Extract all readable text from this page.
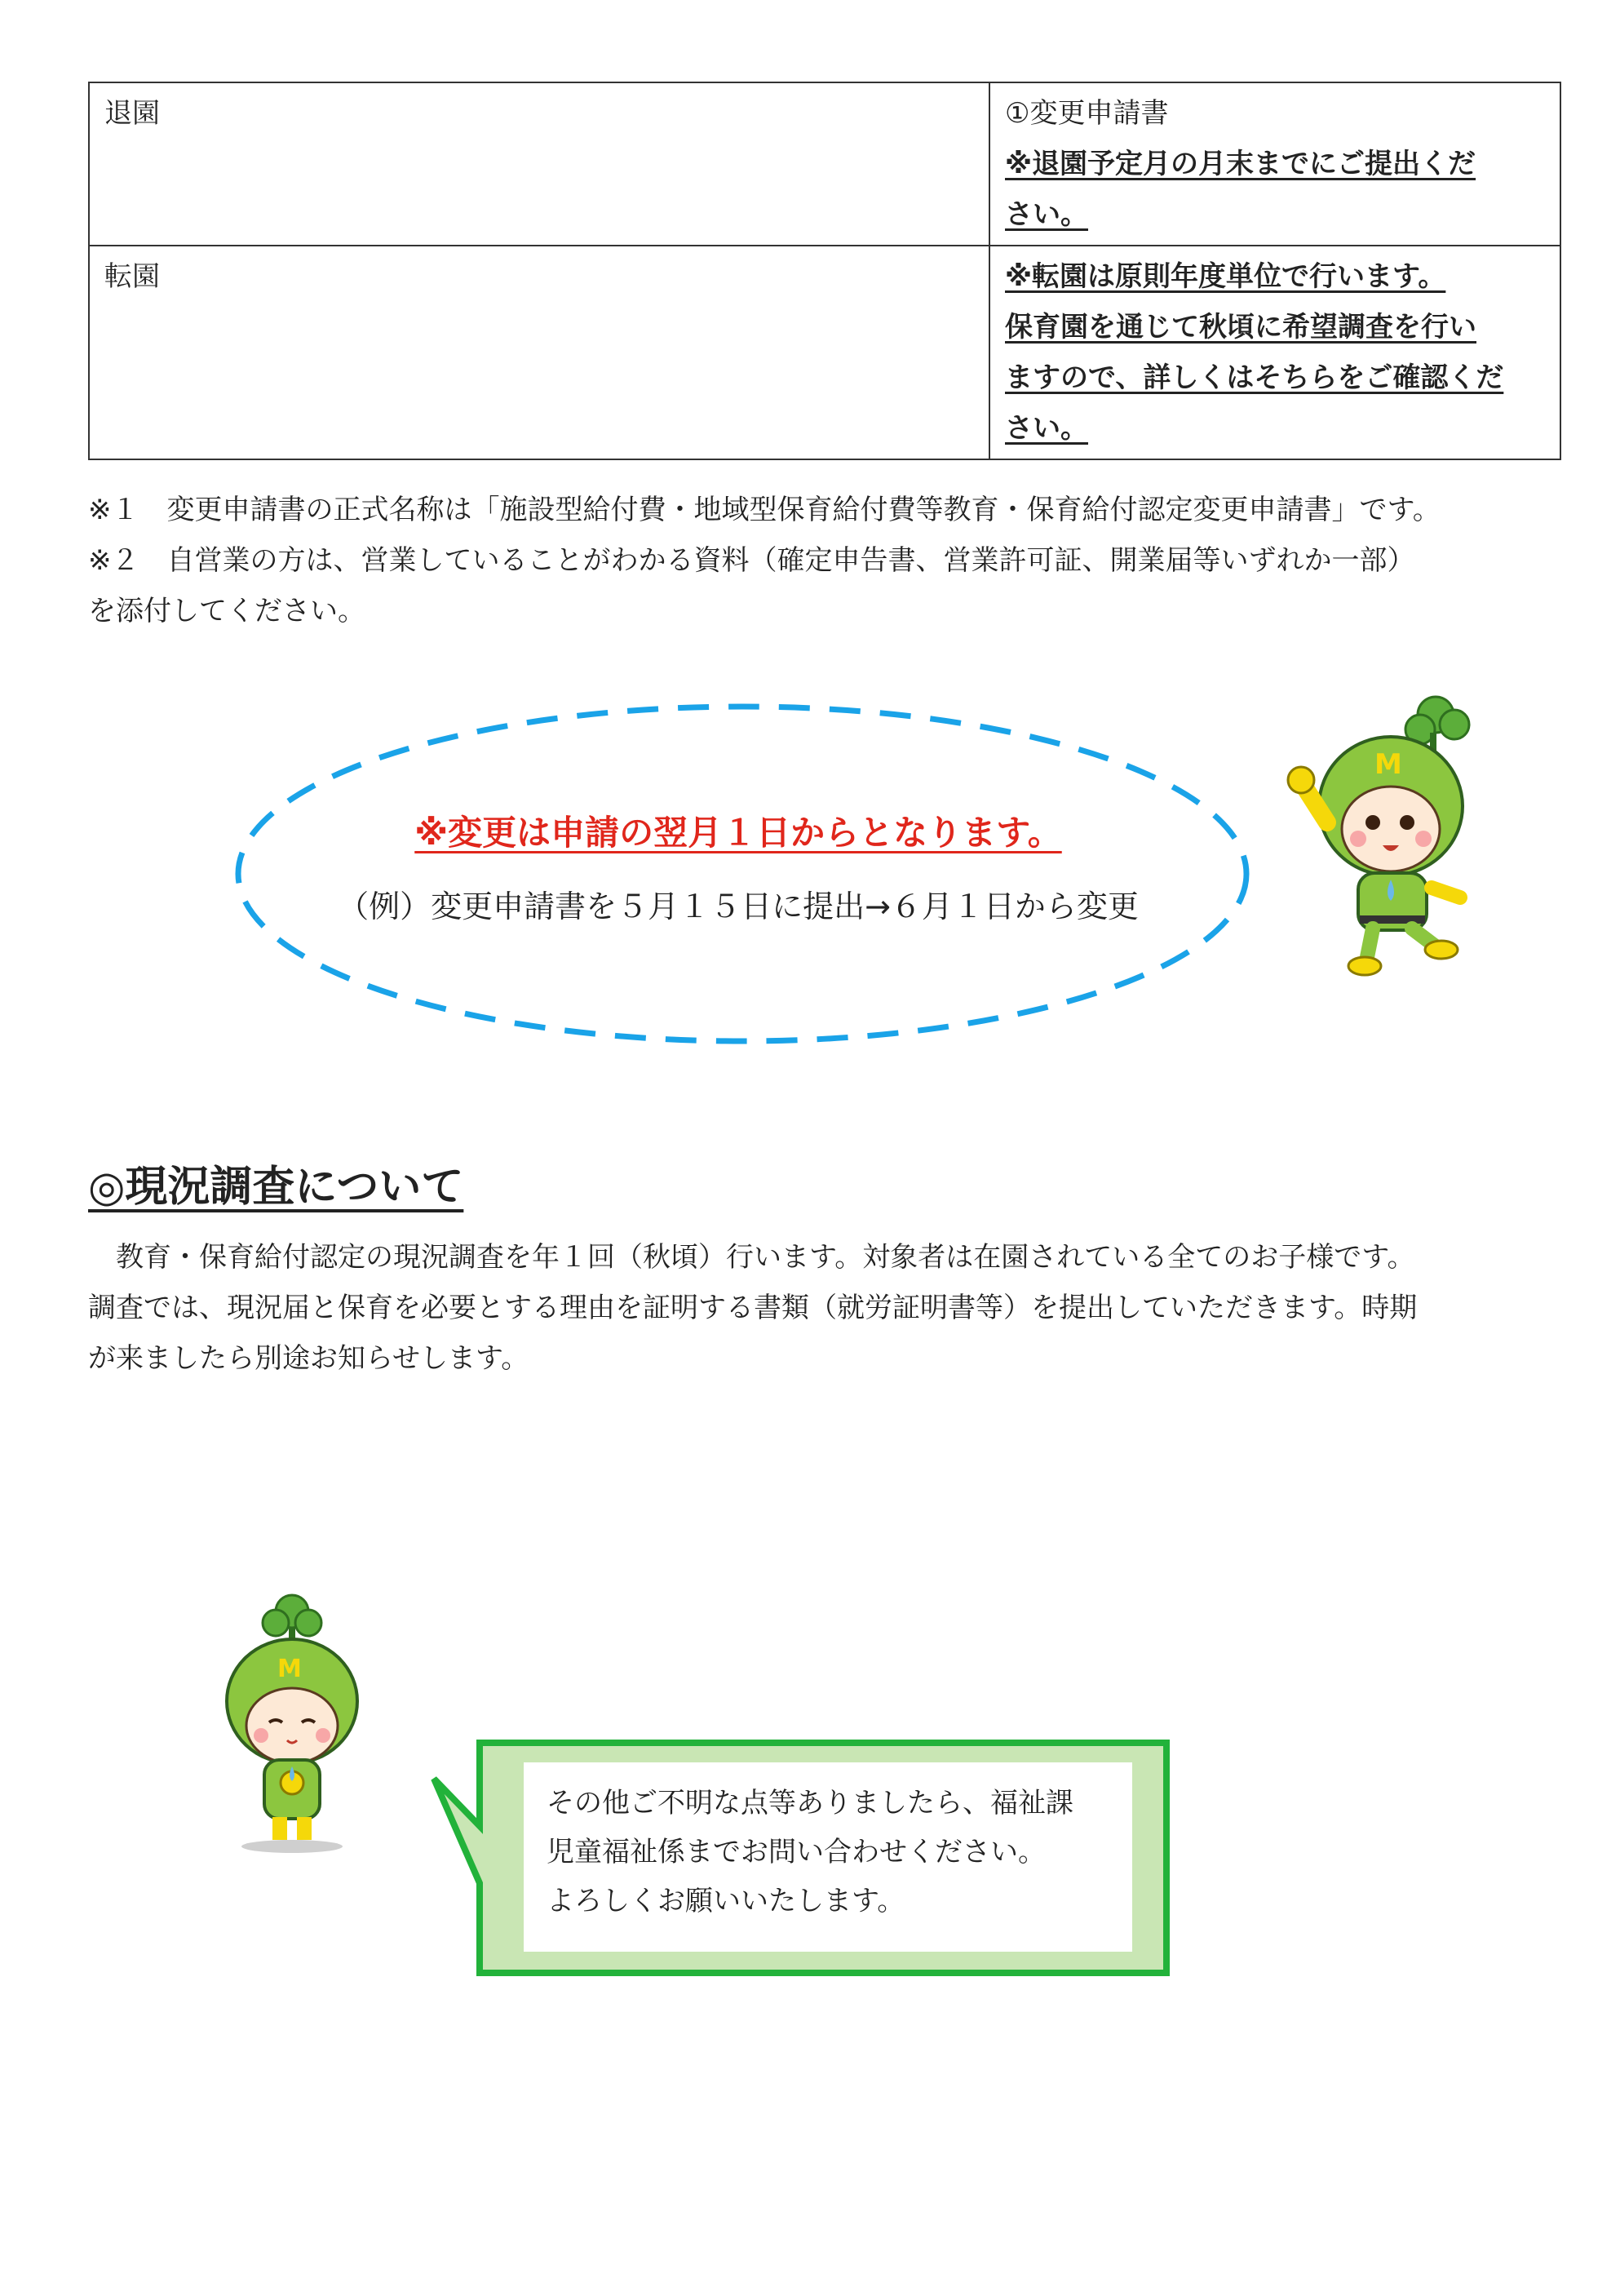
退園	①変更申請書
※退園予定月の月末までにご提出くだ
さい。

転園	※転園は原則年度単位で行います。
保育園を通じて秋頃に希望調査を行い
ますので、詳しくはそちらをご確認くだ
さい。
※１　変更申請書の正式名称は「施設型給付費・地域型保育給付費等教育・保育給付認定変更申請書」です。
※２　自営業の方は、営業していることがわかる資料（確定申告書、営業許可証、開業届等いずれか一部）
を添付してください。
※変更は申請の翌月１日からとなります。
（例）変更申請書を５月１５日に提出→６月１日から変更
M
◎現況調査について
　教育・保育給付認定の現況調査を年１回（秋頃）行います。対象者は在園されている全てのお子様です。
調査では、現況届と保育を必要とする理由を証明する書類（就労証明書等）を提出していただきます。時期
が来ましたら別途お知らせします。
M
その他ご不明な点等ありましたら、福祉課
児童福祉係までお問い合わせください。
よろしくお願いいたします。
